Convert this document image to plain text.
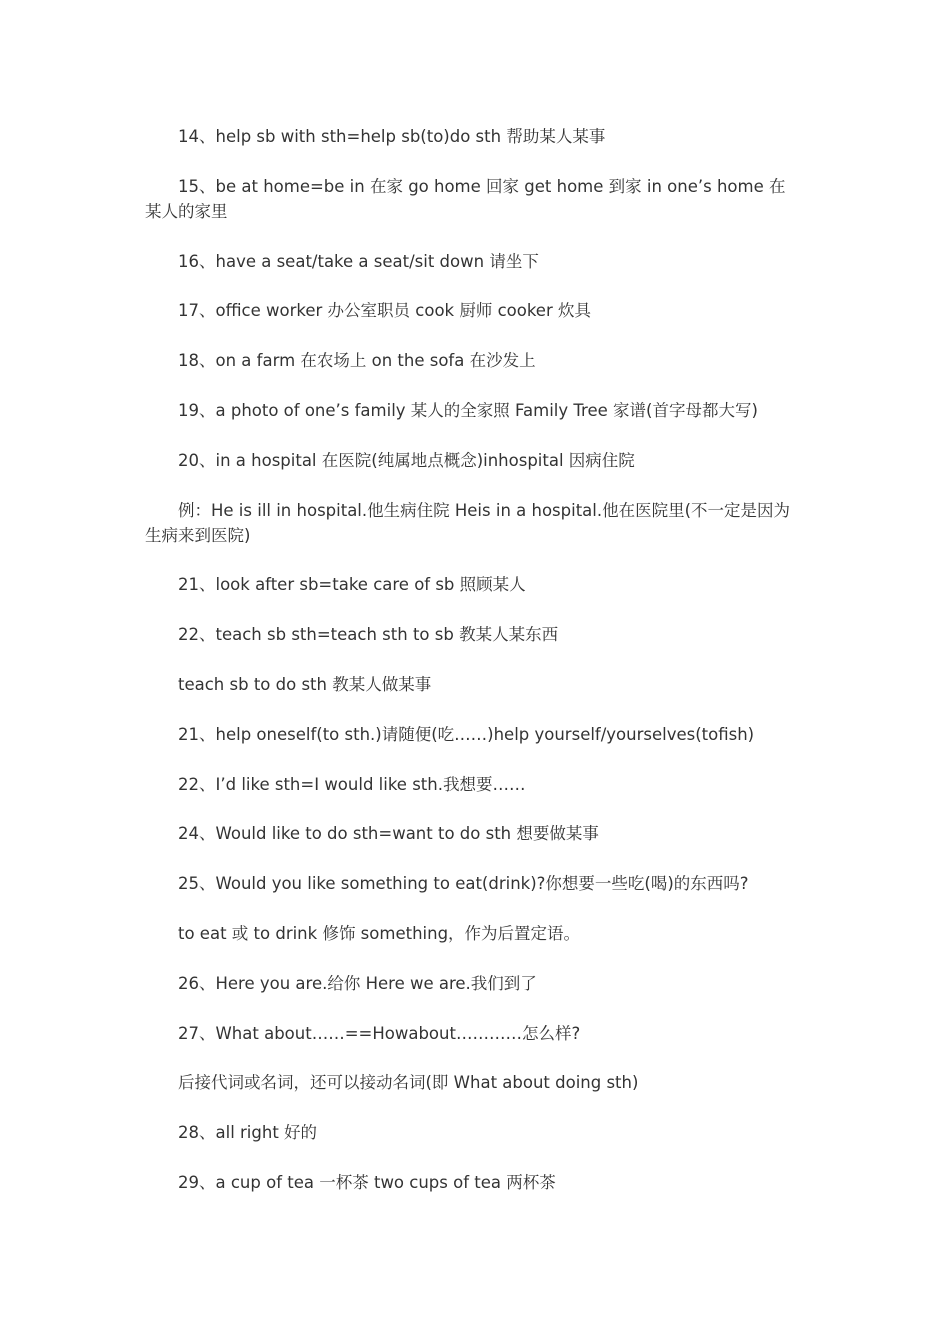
14、help sb with sth=help sb(to)do sth 帮助某人某事

15、be at home=be in 在家 go home 回家 get home 到家 in one’s home 在某人的家里

16、have a seat/take a seat/sit down 请坐下

17、office worker 办公室职员 cook 厨师 cooker 炊具

18、on a farm 在农场上 on the sofa 在沙发上

19、a photo of one’s family 某人的全家照 Family Tree 家谱(首字母都大写)

20、in a hospital 在医院(纯属地点概念)inhospital 因病住院

例：He is ill in hospital.他生病住院 Heis in a hospital.他在医院里(不一定是因为生病来到医院)

21、look after sb=take care of sb 照顾某人

22、teach sb sth=teach sth to sb 教某人某东西

teach sb to do sth 教某人做某事

21、help oneself(to sth.)请随便(吃……)help yourself/yourselves(tofish)

22、I’d like sth=I would like sth.我想要……

24、Would like to do sth=want to do sth 想要做某事

25、Would you like something to eat(drink)?你想要一些吃(喝)的东西吗?

to eat 或 to drink 修饰 something，作为后置定语。

26、Here you are.给你 Here we are.我们到了

27、What about……==Howabout…………怎么样?

后接代词或名词，还可以接动名词(即 What about doing sth)

28、all right 好的

29、a cup of tea 一杯茶 two cups of tea 两杯茶
